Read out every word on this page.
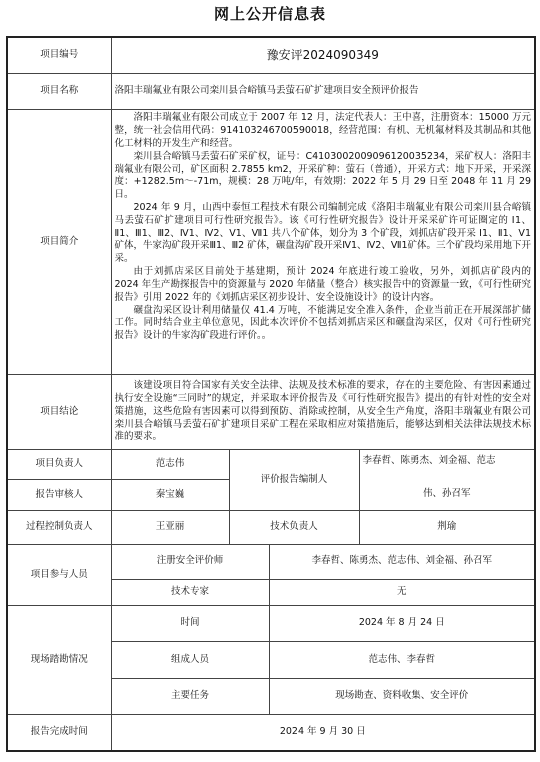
网上公开信息表
项目编号	豫安评2024090349			
项目名称	洛阳丰瑞氟业有限公司栾川县合峪镇马丢萤石矿扩建项目安全预评价报告			
项目简介	洛阳丰瑞氟业有限公司成立于 2007 年 12 月，法定代表人：王中喜，注册资本：15000 万元整，统一社会信用代码：914103246700590018，经营范围：有机、无机氟材料及其制品和其他化工材料的开发生产和经营。

栾川县合峪镇马丢萤石矿采矿权，证号：C4103002009096120035234，采矿权人：洛阳丰瑞氟业有限公司，矿区面积 2.7855 km2，开采矿种：萤石（普通），开采方式：地下开采，开采深度：+1282.5m～-71m，规模：28 万吨/年，有效期：2022 年 5 月 29 日至 2048 年 11 月 29 日。

2024 年 9 月，山西中泰恒工程技术有限公司编制完成《洛阳丰瑞氟业有限公司栾川县合峪镇马丢萤石矿扩建项目可行性研究报告》。该《可行性研究报告》设计开采采矿许可证圈定的 Ⅰ1、Ⅱ1、Ⅲ1、Ⅲ2、Ⅳ1、Ⅳ2、Ⅴ1、Ⅶ1 共八个矿体，划分为 3 个矿段，刘抓店矿段开采 Ⅰ1、Ⅱ1、Ⅴ1 矿体，牛家沟矿段开采Ⅲ1、Ⅲ2 矿体，碾盘沟矿段开采Ⅳ1、Ⅳ2、Ⅶ1矿体。三个矿段均采用地下开采。

由于刘抓店采区目前处于基建期，预计 2024 年底进行竣工验收，另外，刘抓店矿段内的 2024 年生产勘探报告中的资源量与 2020 年储量（整合）核实报告中的资源量一致，《可行性研究报告》引用 2022 年的《刘抓店采区初步设计、安全设施设计》的设计内容。

碾盘沟采区设计利用储量仅 41.4 万吨，不能满足安全准入条件，企业当前正在开展深部扩储工作。同时结合业主单位意见，因此本次评价不包括刘抓店采区和碾盘沟采区，仅对《可行性研究报告》设计的牛家沟矿段进行评价。。			

项目结论	该建设项目符合国家有关安全法律、法规及技术标准的要求，存在的主要危险、有害因素通过执行安全设施“三同时”的规定，并采取本评价报告及《可行性研究报告》提出的有针对性的安全对策措施，这些危险有害因素可以得到预防、消除或控制，从安全生产角度，洛阳丰瑞氟业有限公司栾川县合峪镇马丢萤石矿扩建项目采矿工程在采取相应对策措施后，能够达到相关法律法规技术标准的要求。			

项目负责人	范志伟	评价报告编制人		李春哲、陈勇杰、刘金福、范志
伟、孙召军

报告审核人	秦宝巍			
过程控制负责人	王亚丽	技术负责人		荆瑜
项目参与人员	注册安全评价师		李春哲、陈勇杰、范志伟、刘金福、孙召军	
	技术专家		无	
现场踏勘情况	时间		2024 年 8 月 24 日	
	组成人员		范志伟、李春哲	
	主要任务		现场勘查、资料收集、安全评价	
报告完成时间	2024 年 9 月 30 日			
